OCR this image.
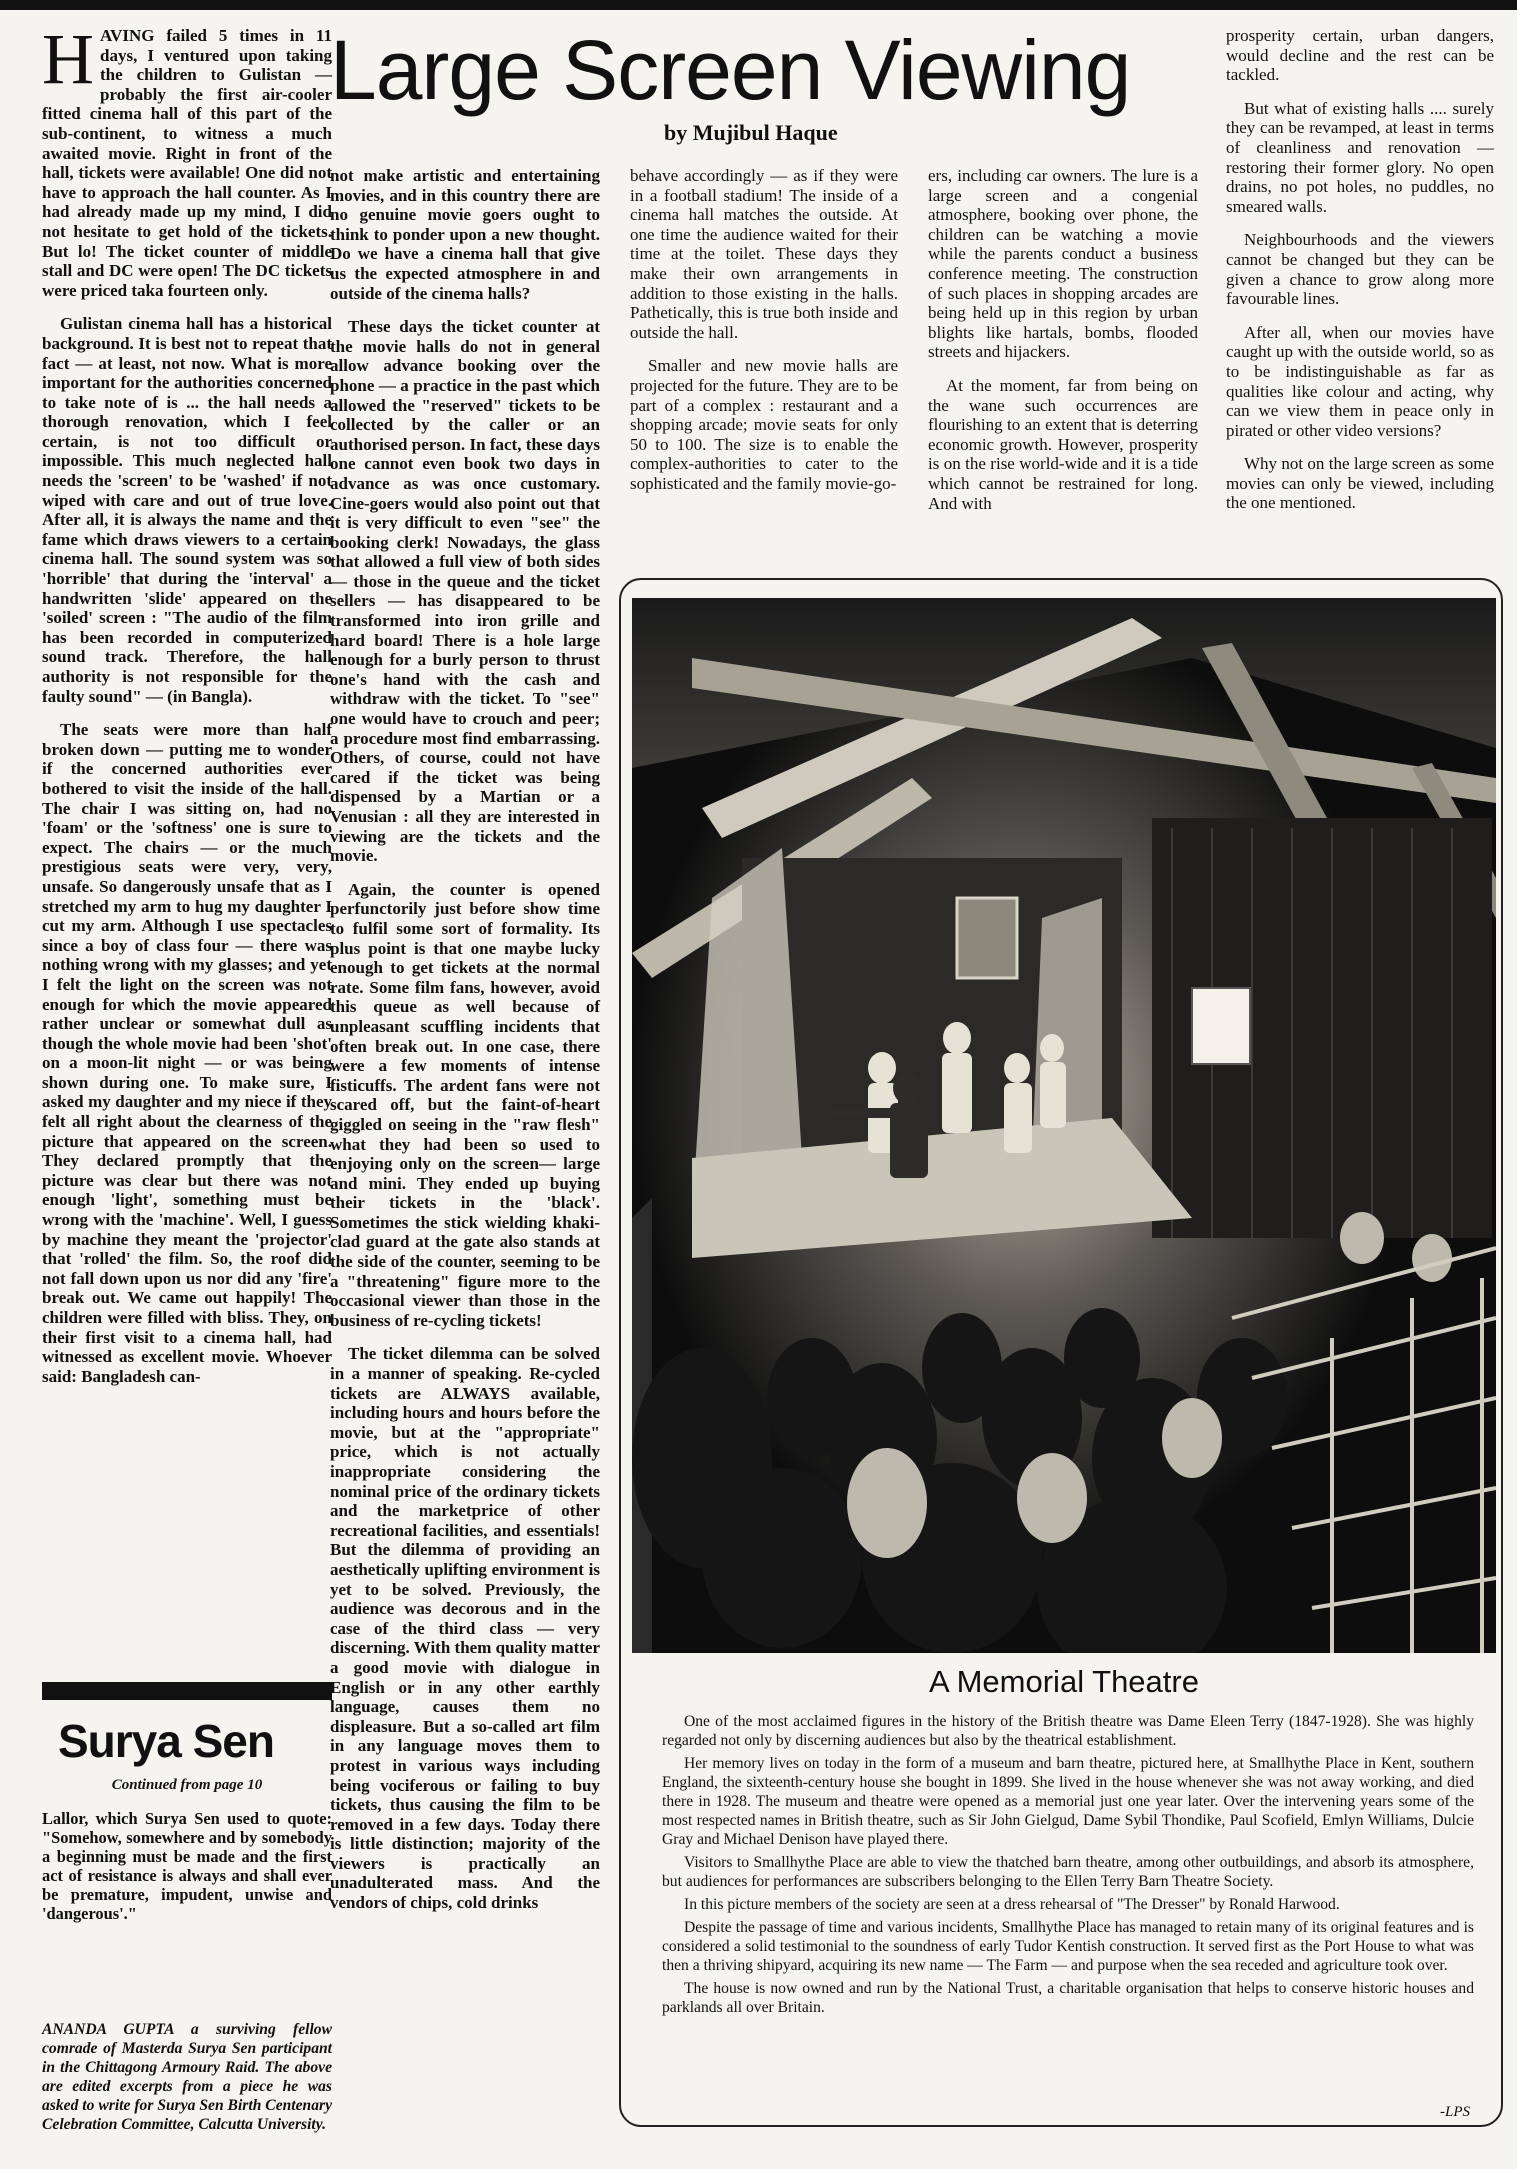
Large Screen Viewing
by Mujibul Haque

HAVING failed 5 times in 11 days, I ventured upon taking the children to Gulistan — probably the first air-cooler fitted cinema hall of this part of the sub-continent, to witness a much awaited movie. Right in front of the hall, tickets were available! One did not have to approach the hall counter. As I had already made up my mind, I did not hesitate to get hold of the tickets. But lo! The ticket counter of middle stall and DC were open! The DC tickets were priced taka fourteen only.

Gulistan cinema hall has a historical background. It is best not to repeat that fact — at least, not now. What is more important for the authorities concerned to take note of is ... the hall needs a thorough renovation, which I feel certain, is not too difficult or impossible. This much neglected hall needs the 'screen' to be 'washed' if not wiped with care and out of true love. After all, it is always the name and the fame which draws viewers to a certain cinema hall. The sound system was so 'horrible' that during the 'interval' a handwritten 'slide' appeared on the 'soiled' screen : "The audio of the film has been recorded in computerized sound track. Therefore, the hall authority is not responsible for the faulty sound" — (in Bangla).

The seats were more than half broken down — putting me to wonder if the concerned authorities ever bothered to visit the inside of the hall. The chair I was sitting on, had no 'foam' or the 'softness' one is sure to expect. The chairs — or the much prestigious seats were very, very, unsafe. So dangerously unsafe that as I stretched my arm to hug my daughter I cut my arm. Although I use spectacles since a boy of class four — there was nothing wrong with my glasses; and yet I felt the light on the screen was not enough for which the movie appeared rather unclear or somewhat dull as though the whole movie had been 'shot' on a moon-lit night — or was being shown during one. To make sure, I asked my daughter and my niece if they felt all right about the clearness of the picture that appeared on the screen. They declared promptly that the picture was clear but there was not enough 'light', something must be wrong with the 'machine'. Well, I guess by machine they meant the 'projector' that 'rolled' the film. So, the roof did not fall down upon us nor did any 'fire' break out. We came out happily! The children were filled with bliss. They, on their first visit to a cinema hall, had witnessed as excellent movie. Whoever said: Bangladesh can-

Surya Sen

Continued from page 10

Lallor, which Surya Sen used to quote: "Somehow, somewhere and by somebody a beginning must be made and the first act of resistance is always and shall ever be premature, impudent, unwise and 'dangerous'."

ANANDA GUPTA a surviving fellow comrade of Masterda Surya Sen participant in the Chittagong Armoury Raid. The above are edited excerpts from a piece he was asked to write for Surya Sen Birth Centenary Celebration Committee, Calcutta University.

not make artistic and entertaining movies, and in this country there are no genuine movie goers ought to think to ponder upon a new thought. Do we have a cinema hall that give us the expected atmosphere in and outside of the cinema halls?

These days the ticket counter at the movie halls do not in general allow advance booking over the phone — a practice in the past which allowed the "reserved" tickets to be collected by the caller or an authorised person. In fact, these days one cannot even book two days in advance as was once customary. Cine-goers would also point out that it is very difficult to even "see" the booking clerk! Nowadays, the glass that allowed a full view of both sides — those in the queue and the ticket sellers — has disappeared to be transformed into iron grille and hard board! There is a hole large enough for a burly person to thrust one's hand with the cash and withdraw with the ticket. To "see" one would have to crouch and peer; a procedure most find embarrassing. Others, of course, could not have cared if the ticket was being dispensed by a Martian or a Venusian : all they are interested in viewing are the tickets and the movie.

Again, the counter is opened perfunctorily just before show time to fulfil some sort of formality. Its plus point is that one maybe lucky enough to get tickets at the normal rate. Some film fans, however, avoid this queue as well because of unpleasant scuffling incidents that often break out. In one case, there were a few moments of intense fisticuffs. The ardent fans were not scared off, but the faint-of-heart giggled on seeing in the "raw flesh" what they had been so used to enjoying only on the screen— large and mini. They ended up buying their tickets in the 'black'. Sometimes the stick wielding khaki-clad guard at the gate also stands at the side of the counter, seeming to be a "threatening" figure more to the occasional viewer than those in the business of re-cycling tickets!

The ticket dilemma can be solved in a manner of speaking. Re-cycled tickets are ALWAYS available, including hours and hours before the movie, but at the "appropriate" price, which is not actually inappropriate considering the nominal price of the ordinary tickets and the marketprice of other recreational facilities, and essentials! But the dilemma of providing an aesthetically uplifting environment is yet to be solved. Previously, the audience was decorous and in the case of the third class — very discerning. With them quality matter a good movie with dialogue in English or in any other earthly language, causes them no displeasure. But a so-called art film in any language moves them to protest in various ways including being vociferous or failing to buy tickets, thus causing the film to be removed in a few days. Today there is little distinction; majority of the viewers is practically an unadulterated mass. And the vendors of chips, cold drinks

behave accordingly — as if they were in a football stadium! The inside of a cinema hall matches the outside. At one time the audience waited for their time at the toilet. These days they make their own arrangements in addition to those existing in the halls. Pathetically, this is true both inside and outside the hall.

Smaller and new movie halls are projected for the future. They are to be part of a complex : restaurant and a shopping arcade; movie seats for only 50 to 100. The size is to enable the complex-authorities to cater to the sophisticated and the family movie-go-

ers, including car owners. The lure is a large screen and a congenial atmosphere, booking over phone, the children can be watching a movie while the parents conduct a business conference meeting. The construction of such places in shopping arcades are being held up in this region by urban blights like hartals, bombs, flooded streets and hijackers.

At the moment, far from being on the wane such occurrences are flourishing to an extent that is deterring economic growth. However, prosperity is on the rise world-wide and it is a tide which cannot be restrained for long. And with

prosperity certain, urban dangers, would decline and the rest can be tackled.

But what of existing halls .... surely they can be revamped, at least in terms of cleanliness and renovation — restoring their former glory. No open drains, no pot holes, no puddles, no smeared walls.

Neighbourhoods and the viewers cannot be changed but they can be given a chance to grow along more favourable lines.

After all, when our movies have caught up with the outside world, so as to be indistinguishable as far as qualities like colour and acting, why can we view them in peace only in pirated or other video versions?

Why not on the large screen as some movies can only be viewed, including the one mentioned.

A Memorial Theatre

One of the most acclaimed figures in the history of the British theatre was Dame Eleen Terry (1847-1928). She was highly regarded not only by discerning audiences but also by the theatrical establishment.

Her memory lives on today in the form of a museum and barn theatre, pictured here, at Smallhythe Place in Kent, southern England, the sixteenth-century house she bought in 1899. She lived in the house whenever she was not away working, and died there in 1928. The museum and theatre were opened as a memorial just one year later. Over the intervening years some of the most respected names in British theatre, such as Sir John Gielgud, Dame Sybil Thondike, Paul Scofield, Emlyn Williams, Dulcie Gray and Michael Denison have played there.

Visitors to Smallhythe Place are able to view the thatched barn theatre, among other outbuildings, and absorb its atmosphere, but audiences for performances are subscribers belonging to the Ellen Terry Barn Theatre Society.

In this picture members of the society are seen at a dress rehearsal of "The Dresser" by Ronald Harwood.

Despite the passage of time and various incidents, Smallhythe Place has managed to retain many of its original features and is considered a solid testimonial to the soundness of early Tudor Kentish construction. It served first as the Port House to what was then a thriving shipyard, acquiring its new name — The Farm — and purpose when the sea receded and agriculture took over.

The house is now owned and run by the National Trust, a charitable organisation that helps to conserve historic houses and parklands all over Britain.

-LPS
